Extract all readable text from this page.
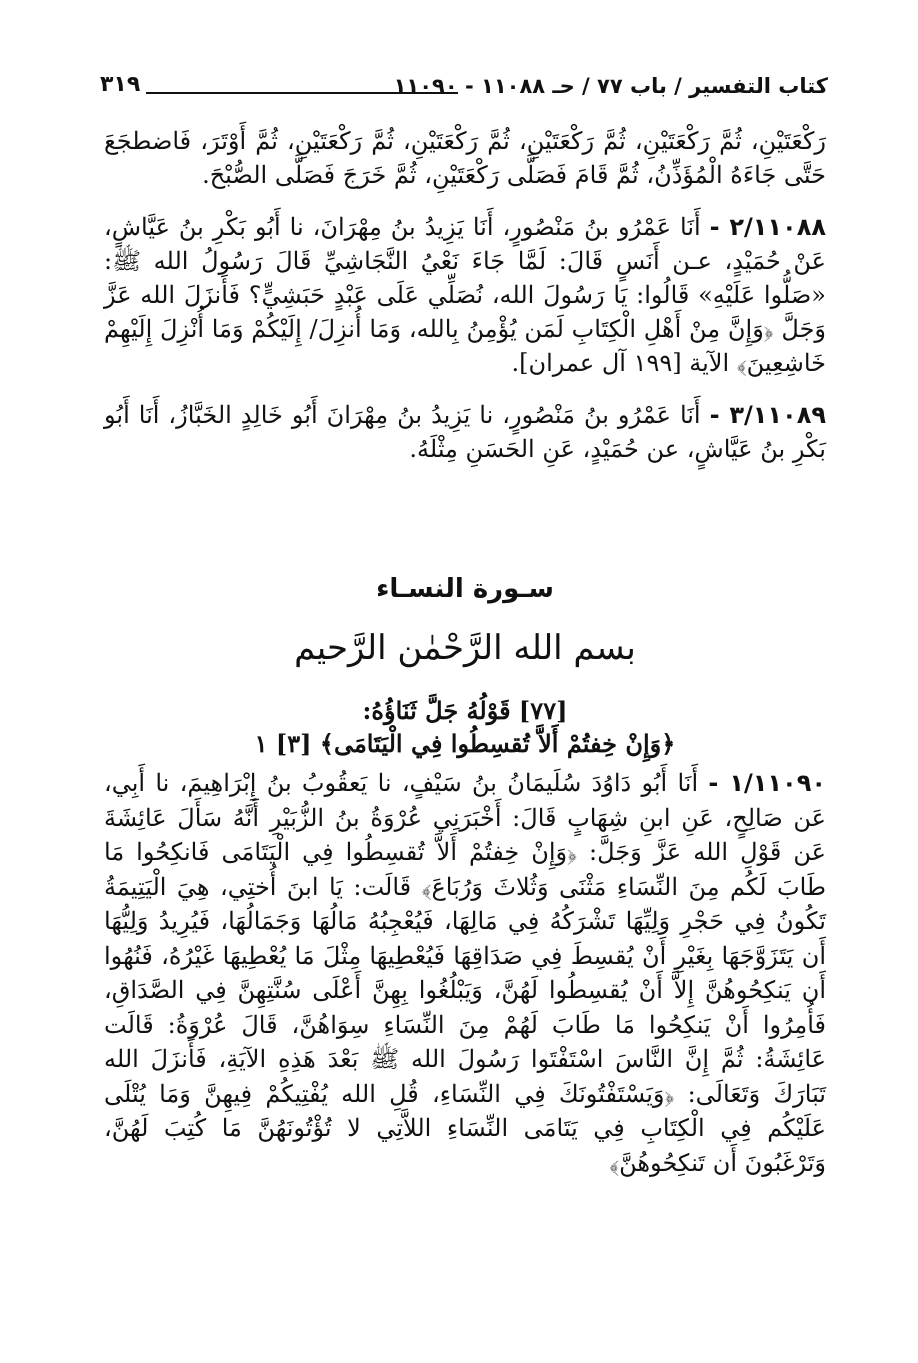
كتاب التفسير / باب ٧٧ / حـ ١١٠٨٨ - ١١٠٩٠
٣١٩

رَكْعَتَيْنِ، ثُمَّ رَكْعَتَيْنِ، ثُمَّ رَكْعَتَيْنِ، ثُمَّ رَكْعَتَيْنِ، ثُمَّ رَكْعَتَيْنِ، ثُمَّ أَوْتَرَ، فَاضطجَعَ حَتَّى جَاءَهُ الْمُؤَذِّنُ، ثُمَّ قَامَ فَصَلَّى رَكْعَتَيْنِ، ثُمَّ خَرَجَ فَصَلَّى الصُّبْحَ.

٢/١١٠٨٨ - أَنَا عَمْرُو بنُ مَنْصُورٍ، أَنَا يَزِيدُ بنُ مِهْرَانَ، نا أَبُو بَكْرِ بنُ عَيَّاشٍ، عَنْ حُمَيْدٍ، عـن أَنَسٍ قَالَ: لَمَّا جَاءَ نَعْيُ النَّجَاشِيِّ قَالَ رَسُولُ الله ﷺ: «صَلُّوا عَلَيْهِ» قَالُوا: يَا رَسُولَ الله، نُصَلِّي عَلَى عَبْدٍ حَبَشِيٍّ؟ فَأَنزَلَ الله عَزَّ وَجَلَّ ﴿وَإِنَّ مِنْ أَهْلِ الْكِتَابِ لَمَن يُؤْمِنُ بِالله، وَمَا أُنزِلَ/ إِلَيْكُمْ وَمَا أُنْزِلَ إِلَيْهِمْ خَاشِعِينَ﴾ الآية [١٩٩ آل عمران].

٣/١١٠٨٩ - أَنَا عَمْرُو بنُ مَنْصُورٍ، نا يَزِيدُ بنُ مِهْرَانَ أَبُو خَالِدٍ الخَبَّازُ، أَنَا أَبُو بَكْرِ بنُ عَيَّاشٍ، عن حُمَيْدٍ، عَنِ الحَسَنِ مِثْلَهُ.

سـورة النسـاء
بسم الله الرَّحْمٰن الرَّحيم
[٧٧] قَوْلُهُ جَلَّ ثَنَاؤُهُ:
﴿وَإِنْ خِفتُمْ أَلاَّ تُقسِطُوا فِي الْيَتَامَى﴾ [٣] ١

١/١١٠٩٠ - أَنَا أَبُو دَاوُدَ سُلَيمَانُ بنُ سَيْفٍ، نا يَعقُوبُ بنُ إِبْرَاهِيمَ، نا أَبِي، عَن صَالِحٍ، عَنِ ابنِ شِهَابٍ قَالَ: أَخْبَرَنِي عُرْوَةُ بنُ الزُّبَيْرِ أَنَّهُ سَأَلَ عَائِشَةَ عَن قَوْلِ الله عَزَّ وَجَلَّ: ﴿وَإِنْ خِفتُمْ أَلاَّ تُقسِطُوا فِي الْيَتَامَى فَانكِحُوا مَا طَابَ لَكُم مِنَ النِّسَاءِ مَثْنَى وَثُلاثَ وَرُبَاعَ﴾ قَالَت: يَا ابنَ أُختِي، هِيَ الْيَتِيمَةُ تَكُونُ فِي حَجْرِ وَلِيِّهَا تَشْرَكُهُ فِي مَالِهَا، فَيُعْجِبُهُ مَالُهَا وَجَمَالُهَا، فَيُرِيدُ وَلِيُّهَا أَن يَتَزَوَّجَهَا بِغَيْرِ أَنْ يُقسِطَ فِي صَدَاقِهَا فَيُعْطِيهَا مِثْلَ مَا يُعْطِيهَا غَيْرُهُ، فَنُهُوا أَن يَنكِحُوهُنَّ إِلاَّ أَنْ يُقسِطُوا لَهُنَّ، وَيَبْلُغُوا بِهِنَّ أَعْلَى سُنَّتِهِنَّ فِي الصَّدَاقِ، فَأُمِرُوا أَنْ يَنكِحُوا مَا طَابَ لَهُمْ مِنَ النِّسَاءِ سِوَاهُنَّ، قَالَ عُرْوَةُ: قَالَت عَائِشَةُ: ثُمَّ إِنَّ النَّاسَ اسْتَفْتَوا رَسُولَ الله ﷺ بَعْدَ هَذِهِ الآيَةِ، فَأَنزَلَ الله تَبَارَكَ وَتَعَالَى: ﴿وَيَسْتَفْتُونَكَ فِي النِّسَاءِ، قُلِ الله يُفْتِيكُمْ فِيهِنَّ وَمَا يُتْلَى عَلَيْكُم فِي الْكِتَابِ فِي يَتَامَى النِّسَاءِ اللاَّتِي لا تُؤْتُونَهُنَّ مَا كُتِبَ لَهُنَّ، وَتَرْغَبُونَ أَن تَنكِحُوهُنَّ﴾
